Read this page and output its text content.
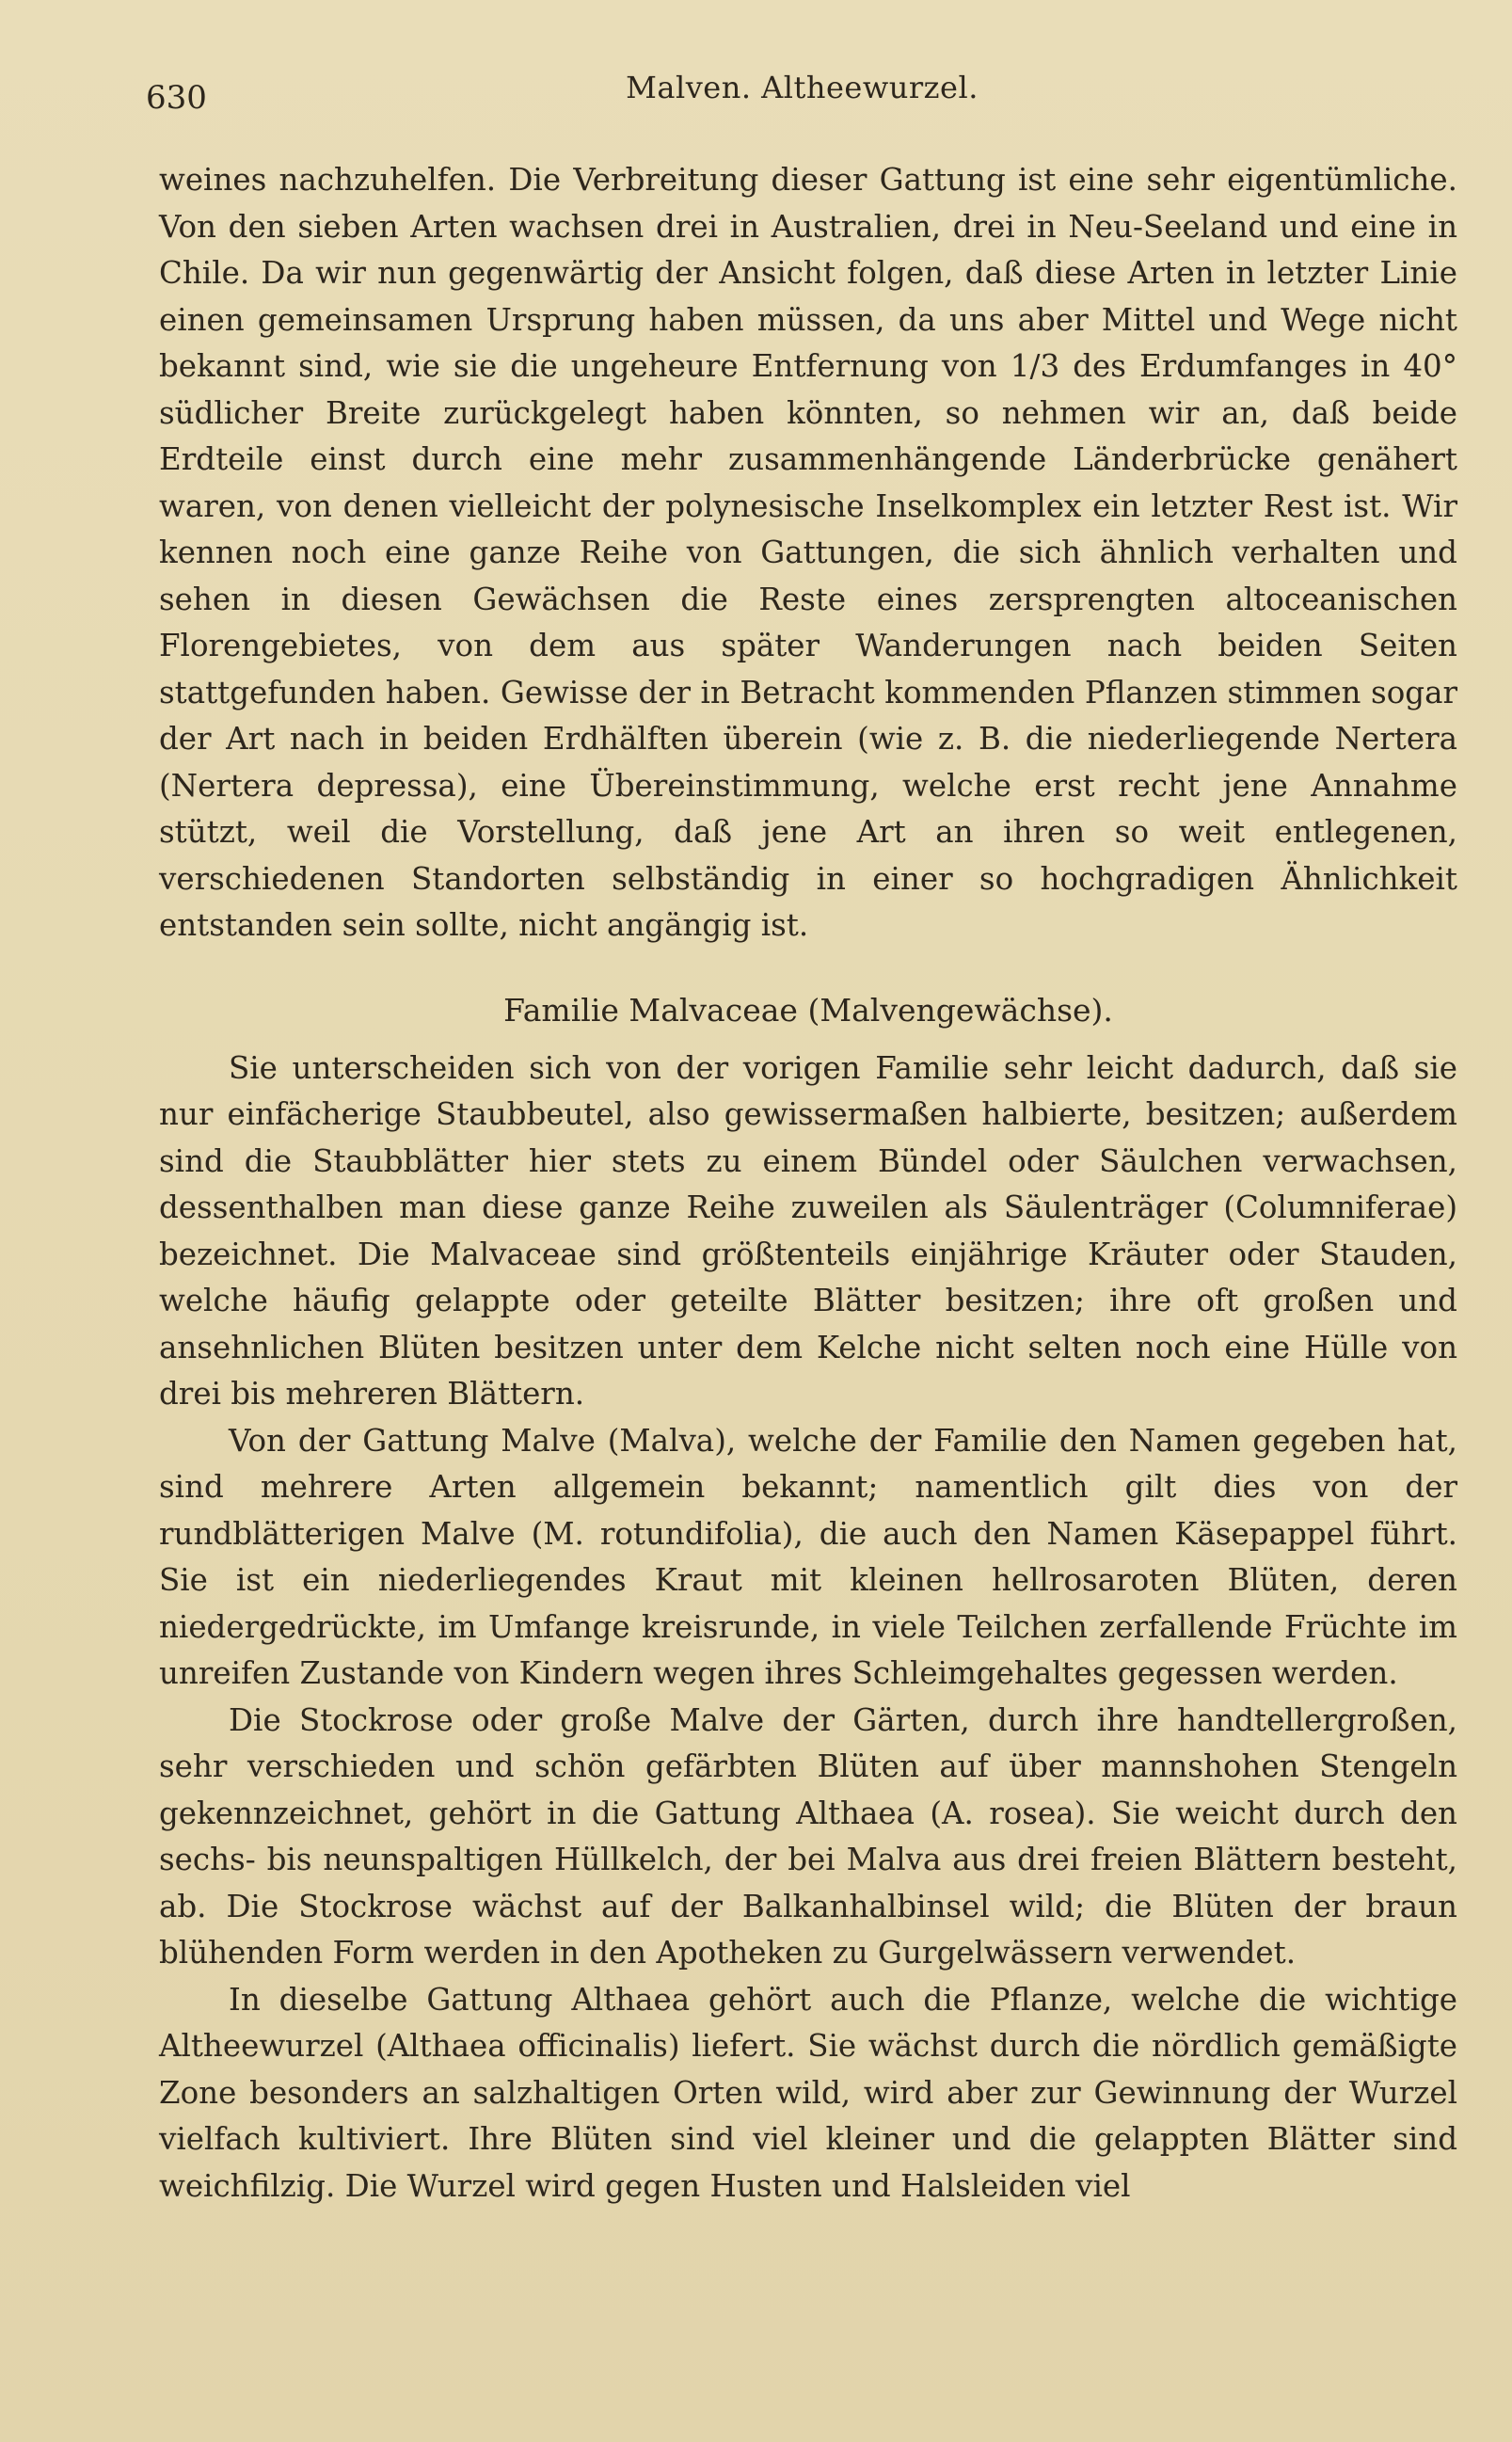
630	Malven. Altheewurzel.

weines nachzuhelfen. Die Verbreitung dieser Gattung ist eine sehr eigentümliche. Von den sieben Arten wachsen drei in Australien, drei in Neu-Seeland und eine in Chile. Da wir nun gegenwärtig der Ansicht folgen, daß diese Arten in letzter Linie einen gemeinsamen Ursprung haben müssen, da uns aber Mittel und Wege nicht bekannt sind, wie sie die ungeheure Entfernung von 1/3 des Erdumfanges in 40° südlicher Breite zurückgelegt haben könnten, so nehmen wir an, daß beide Erdteile einst durch eine mehr zusammenhängende Länderbrücke genähert waren, von denen vielleicht der polynesische Inselkomplex ein letzter Rest ist. Wir kennen noch eine ganze Reihe von Gattungen, die sich ähnlich verhalten und sehen in diesen Gewächsen die Reste eines zersprengten altoceanischen Florengebietes, von dem aus später Wanderungen nach beiden Seiten stattgefunden haben. Gewisse der in Betracht kommenden Pflanzen stimmen sogar der Art nach in beiden Erdhälften überein (wie z. B. die niederliegende Nertera (Nertera depressa), eine Übereinstimmung, welche erst recht jene Annahme stützt, weil die Vorstellung, daß jene Art an ihren so weit entlegenen, verschiedenen Standorten selbständig in einer so hochgradigen Ähnlichkeit entstanden sein sollte, nicht angängig ist.

Familie Malvaceae (Malvengewächse).

Sie unterscheiden sich von der vorigen Familie sehr leicht dadurch, daß sie nur einfächerige Staubbeutel, also gewissermaßen halbierte, besitzen; außerdem sind die Staubblätter hier stets zu einem Bündel oder Säulchen verwachsen, dessenthalben man diese ganze Reihe zuweilen als Säulenträger (Columniferae) bezeichnet. Die Malvaceae sind größtenteils einjährige Kräuter oder Stauden, welche häufig gelappte oder geteilte Blätter besitzen; ihre oft großen und ansehnlichen Blüten besitzen unter dem Kelche nicht selten noch eine Hülle von drei bis mehreren Blättern.

Von der Gattung Malve (Malva), welche der Familie den Namen gegeben hat, sind mehrere Arten allgemein bekannt; namentlich gilt dies von der rundblätterigen Malve (M. rotundifolia), die auch den Namen Käsepappel führt. Sie ist ein niederliegendes Kraut mit kleinen hellrosaroten Blüten, deren niedergedrückte, im Umfange kreisrunde, in viele Teilchen zerfallende Früchte im unreifen Zustande von Kindern wegen ihres Schleimgehaltes gegessen werden.

Die Stockrose oder große Malve der Gärten, durch ihre handtellergroßen, sehr verschieden und schön gefärbten Blüten auf über mannshohen Stengeln gekennzeichnet, gehört in die Gattung Althaea (A. rosea). Sie weicht durch den sechs- bis neunspaltigen Hüllkelch, der bei Malva aus drei freien Blättern besteht, ab. Die Stockrose wächst auf der Balkanhalbinsel wild; die Blüten der braun blühenden Form werden in den Apotheken zu Gurgelwässern verwendet.

In dieselbe Gattung Althaea gehört auch die Pflanze, welche die wichtige Altheewurzel (Althaea officinalis) liefert. Sie wächst durch die nördlich gemäßigte Zone besonders an salzhaltigen Orten wild, wird aber zur Gewinnung der Wurzel vielfach kultiviert. Ihre Blüten sind viel kleiner und die gelappten Blätter sind weichfilzig. Die Wurzel wird gegen Husten und Halsleiden viel
